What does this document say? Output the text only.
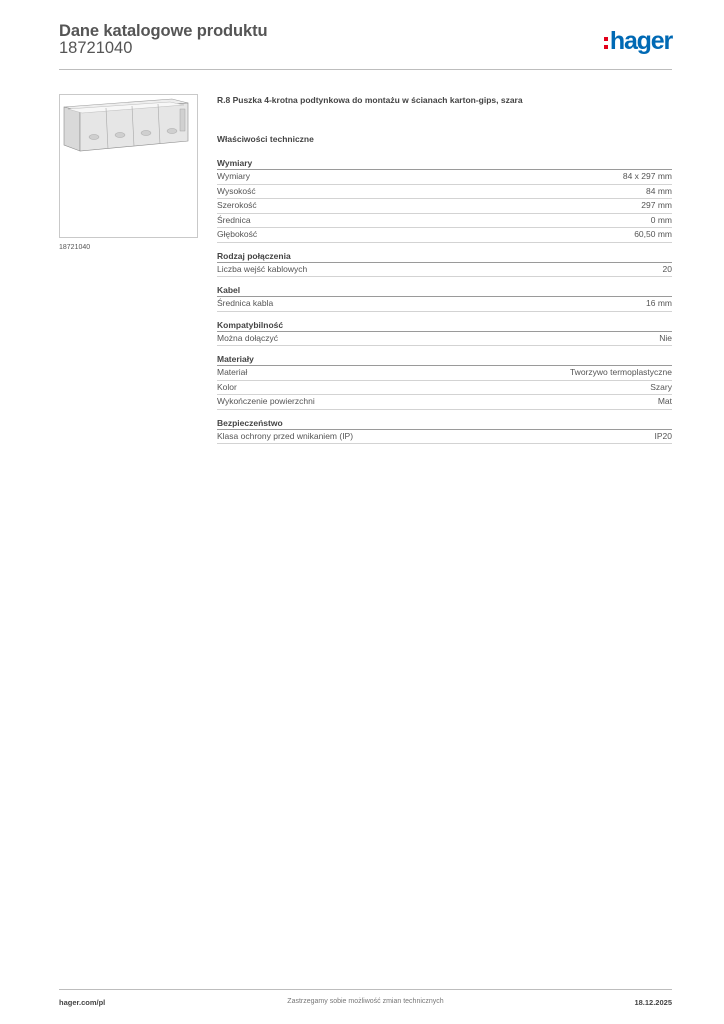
Dane katalogowe produktu
18721040	hager
18721040
R.8 Puszka 4-krotna podtynkowa do montażu w ścianach karton-gips, szara
Właściwości techniczne
Wymiary
Wymiary	84 x 297 mm
Wysokość	84 mm
Szerokość	297 mm
Średnica	0 mm
Głębokość	60,50 mm
Rodzaj połączenia
Liczba wejść kablowych	20
Kabel
Średnica kabla	16 mm
Kompatybilność
Można dołączyć	Nie
Materiały
Materiał	Tworzywo termoplastyczne
Kolor	Szary
Wykończenie powierzchni	Mat
Bezpieczeństwo
Klasa ochrony przed wnikaniem (IP)	IP20
hager.com/pl	Zastrzegamy sobie możliwość zmian technicznych	18.12.2025
